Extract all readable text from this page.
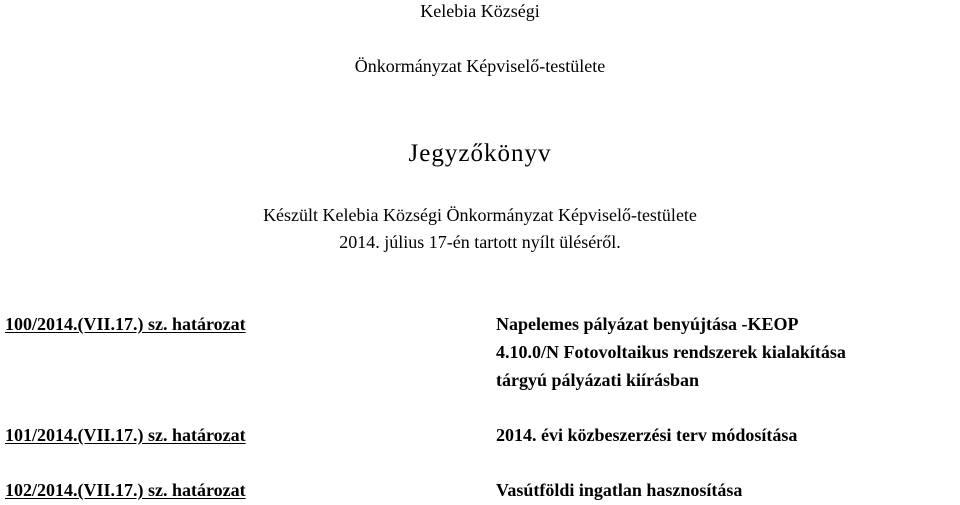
Kelebia Községi
Önkormányzat Képviselő-testülete
Jegyzőkönyv
Készült Kelebia Községi Önkormányzat Képviselő-testülete
2014. július 17-én tartott nyílt üléséről.
100/2014.(VII.17.) sz. határozat	Napelemes pályázat benyújtása -KEOP
4.10.0/N Fotovoltaikus rendszerek kialakítása
tárgyú pályázati kiírásban
101/2014.(VII.17.) sz. határozat	2014. évi közbeszerzési terv módosítása
102/2014.(VII.17.) sz. határozat	Vasútföldi ingatlan hasznosítása
